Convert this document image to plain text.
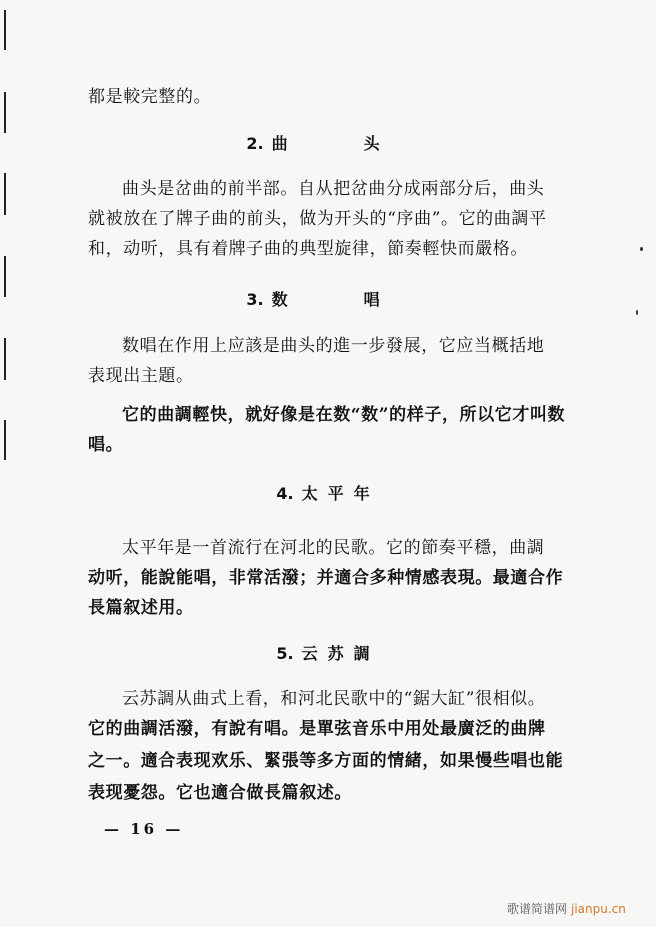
都是較完整的。
2. 曲　头
曲头是岔曲的前半部。自从把岔曲分成兩部分后，曲头
就被放在了牌子曲的前头，做为开头的“序曲”。它的曲調平
和，动听，具有着牌子曲的典型旋律，節奏輕快而嚴格。
3. 数　唱
数唱在作用上应該是曲头的進一步發展，它应当概括地
表现出主題。
它的曲調輕快，就好像是在数“数”的样子，所以它才叫数
唱。
4. 太平年
太平年是一首流行在河北的民歌。它的節奏平穩，曲調
动听，能說能唱，非常活潑；并適合多种情感表現。最適合作
長篇叙述用。
5. 云苏調
云苏調从曲式上看，和河北民歌中的“鋸大缸”很相似。
它的曲調活潑，有說有唱。是單弦音乐中用处最廣泛的曲牌
之一。適合表现欢乐、緊張等多方面的情緒，如果慢些唱也能
表现憂怨。它也適合做長篇叙述。
— 16 —
歌谱简谱网 jianpu.cn
